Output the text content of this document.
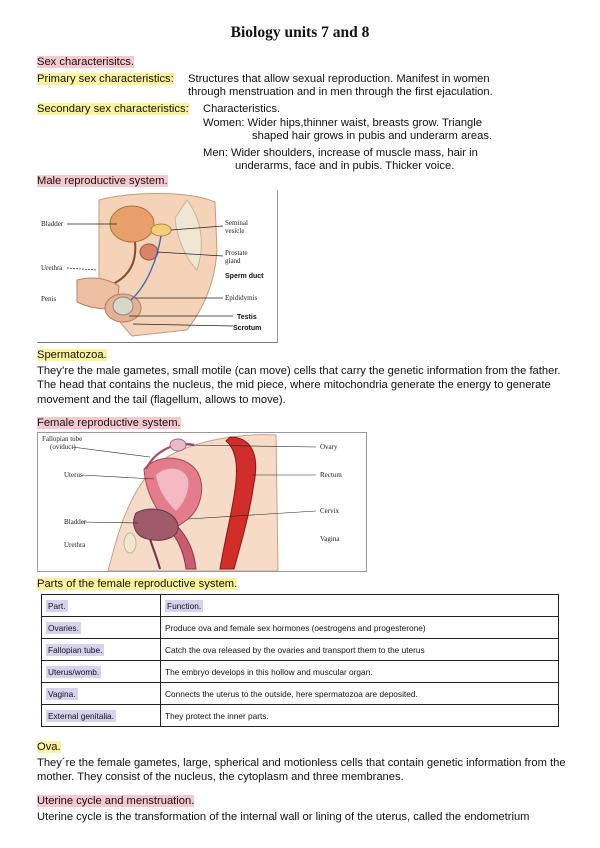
Biology units 7 and 8
Sex characterisitcs.
Primary sex characteristics: Structures that allow sexual reproduction. Manifest in women
through menstruation and in men through the first ejaculation.
Secondary sex characteristics: Characteristics.
Women: Wider hips,thinner waist, breasts grow. Triangle
shaped hair grows in pubis and underarm areas.
Men: Wider shoulders, increase of muscle mass, hair in
underarms, face and in pubis. Thicker voice.
Male reproductive system.
Bladder	Seminal
vesicle
Prostate
gland
Sperm duct
Urethra
Penis	Epididymis
Testis
Scrotum
Spermatozoa.
They’re the male gametes, small motile (can move) cells that carry the genetic information from the father. The head that contains the nucleus, the mid piece, where mitochondria generate the energy to generate movement and the tail (flagellum, allows to move).
Female reproductive system.
Fallopian tube
(oviduct)
Uterus
Bladder
Urethra
Ovary
Rectum
Cervix
Vagina
Parts of the female reproductive system.
Part.	Function.
Ovaries.	Produce ova and female sex hormones (oestrogens and progesterone)
Fallopian tube.	Catch the ova released by the ovaries and transport them to the uterus
Uterus/womb.	The embryo develops in this hollow and muscular organ.
Vagina.	Connects the uterus to the outside, here spermatozoa are deposited.
External genitalia.	They protect the inner parts.
Ova.
They´re the female gametes, large, spherical and motionless cells that contain genetic information from the mother. They consist of the nucleus, the cytoplasm and three membranes.
Uterine cycle and menstruation.
Uterine cycle is the transformation of the internal wall or lining of the uterus, called the endometrium
